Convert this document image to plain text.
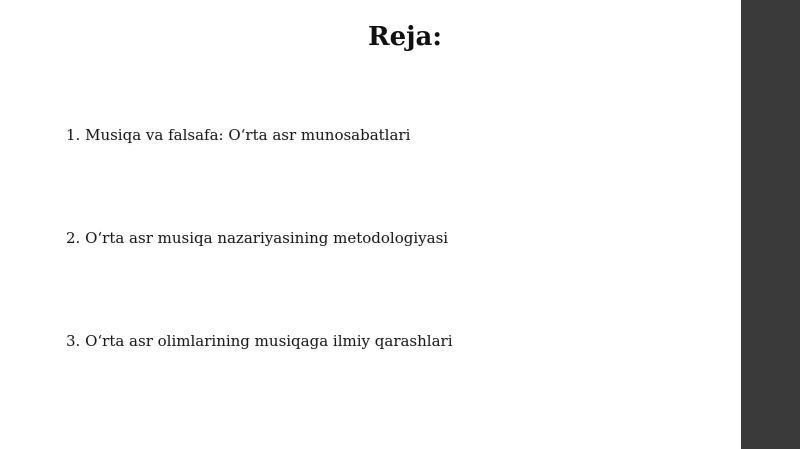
Reja:
1. Musiqa va falsafa: O‘rta asr munosabatlari
2. O‘rta asr musiqa nazariyasining metodologiyasi
3. O‘rta asr olimlarining musiqaga ilmiy qarashlari
